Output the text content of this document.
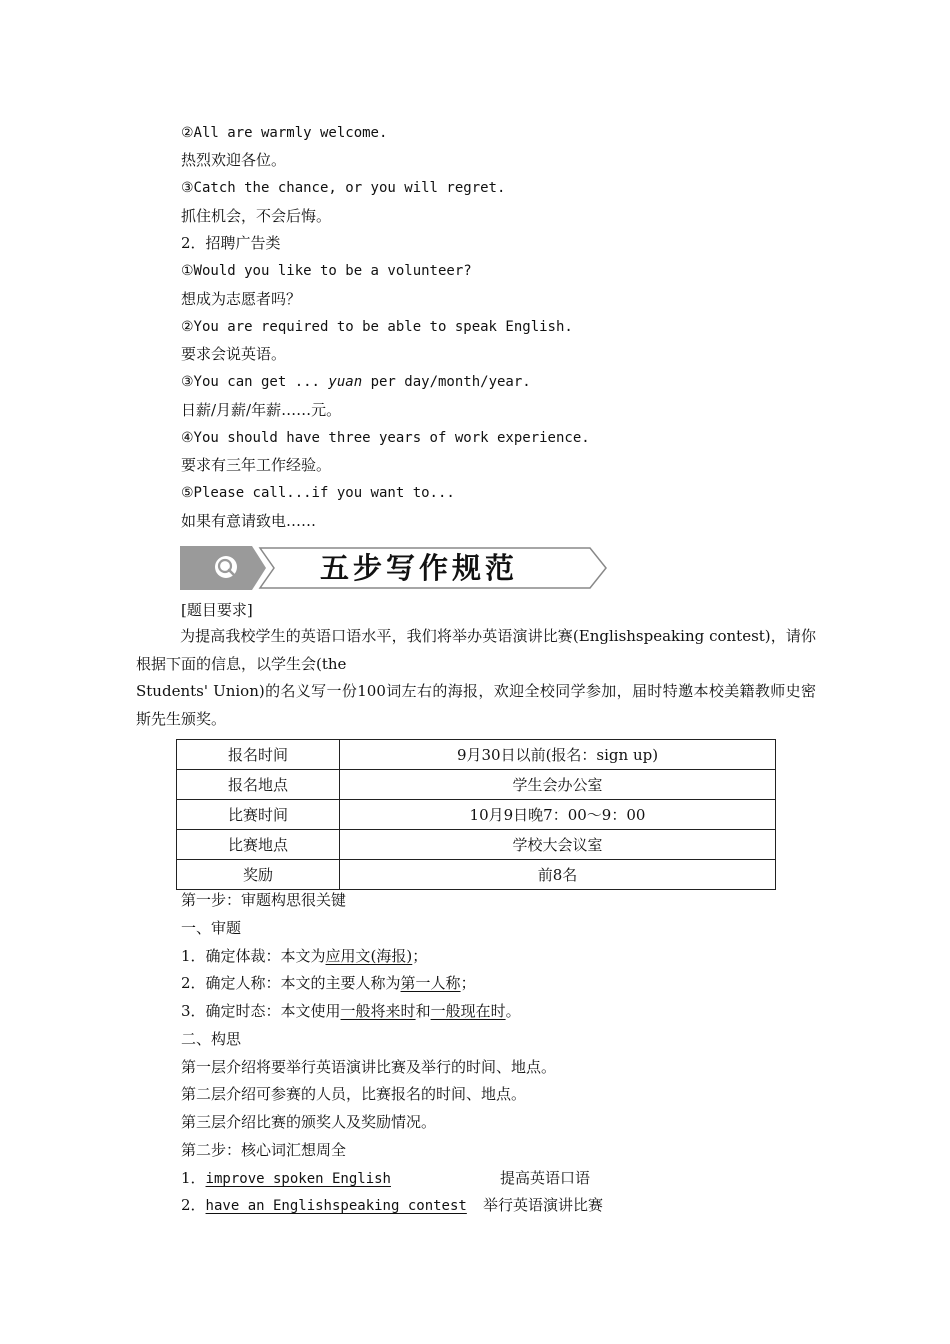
②All are warmly welcome.
热烈欢迎各位。
③Catch the chance, or you will regret.
抓住机会，不会后悔。
2．招聘广告类
①Would you like to be a volunteer?
想成为志愿者吗？
②You are required to be able to speak English.
要求会说英语。
③You can get ... yuan per day/month/year.
日薪/月薪/年薪……元。
④You should have three years of work experience.
要求有三年工作经验。
⑤Please call...if you want to...
如果有意请致电……
五步写作规范
[题目要求]
为提高我校学生的英语口语水平，我们将举办英语演讲比赛(Englishspeaking contest)，请你根据下面的信息，以学生会(the
Students' Union)的名义写一份100词左右的海报，欢迎全校同学参加，届时特邀本校美籍教师史密斯先生颁奖。
报名时间	9月30日以前(报名：sign up)
报名地点	学生会办公室
比赛时间	10月9日晚7：00～9：00
比赛地点	学校大会议室
奖励	前8名
第一步：审题构思很关键
一、审题
1．确定体裁：本文为应用文(海报)；
2．确定人称：本文的主要人称为第一人称；
3．确定时态：本文使用一般将来时和一般现在时。
二、构思
第一层介绍将要举行英语演讲比赛及举行的时间、地点。
第二层介绍可参赛的人员，比赛报名的时间、地点。
第三层介绍比赛的颁奖人及奖励情况。
第二步：核心词汇想周全
1．improve spoken English	提高英语口语
2．have an Englishspeaking contest 举行英语演讲比赛
